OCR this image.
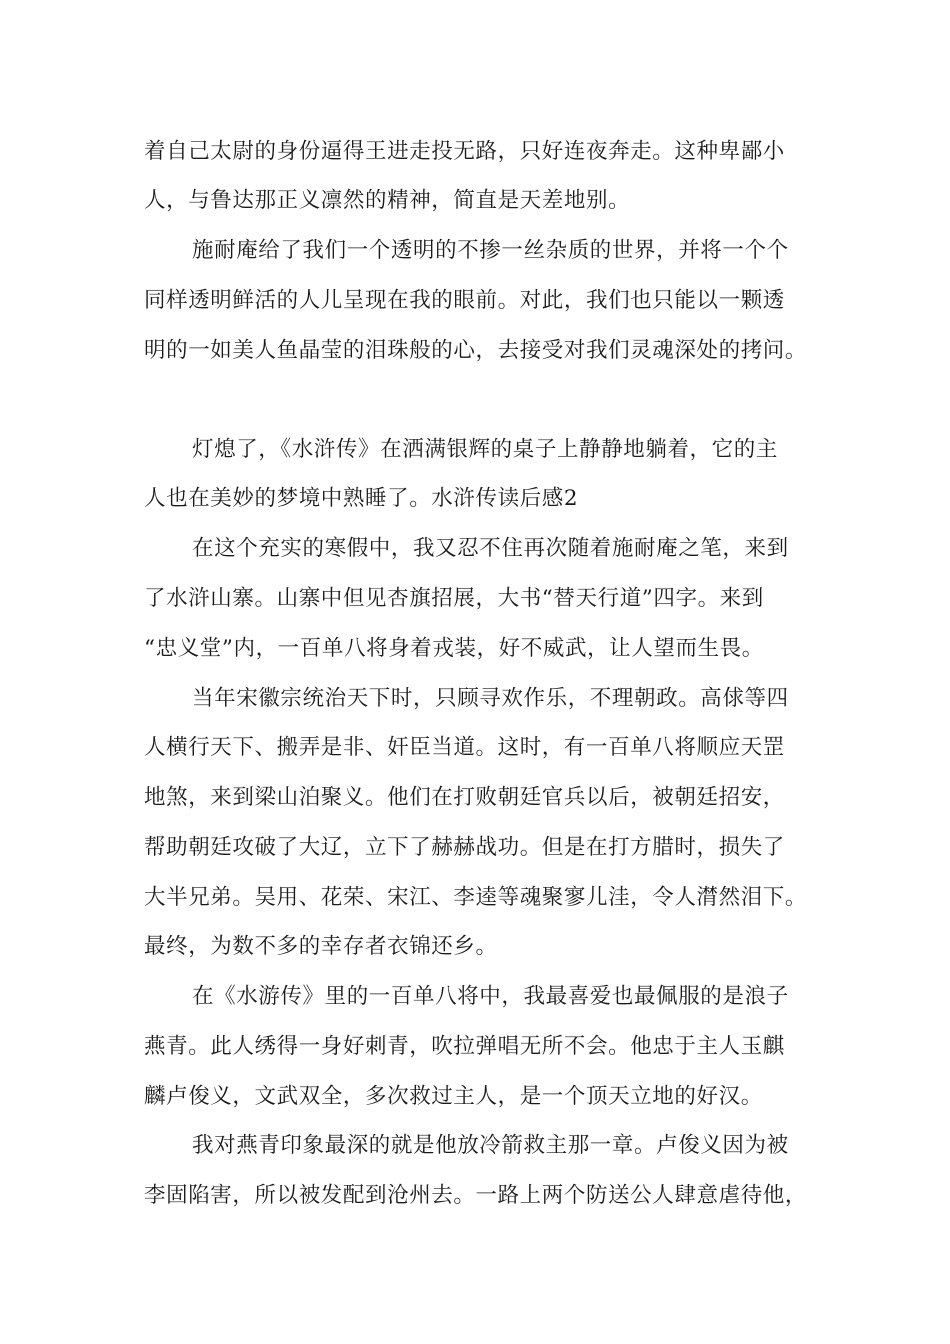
着自己太尉的身份逼得王进走投无路，只好连夜奔走。这种卑鄙小
人，与鲁达那正义凛然的精神，简直是天差地别。
施耐庵给了我们一个透明的不掺一丝杂质的世界，并将一个个
同样透明鲜活的人儿呈现在我的眼前。对此，我们也只能以一颗透
明的一如美人鱼晶莹的泪珠般的心，去接受对我们灵魂深处的拷问。
灯熄了，《水浒传》在洒满银辉的桌子上静静地躺着，它的主
人也在美妙的梦境中熟睡了。水浒传读后感2
在这个充实的寒假中，我又忍不住再次随着施耐庵之笔，来到
了水浒山寨。山寨中但见杏旗招展，大书“替天行道”四字。来到
“忠义堂”内，一百单八将身着戎装，好不威武，让人望而生畏。
当年宋徽宗统治天下时，只顾寻欢作乐，不理朝政。高俅等四
人横行天下、搬弄是非、奸臣当道。这时，有一百单八将顺应天罡
地煞，来到梁山泊聚义。他们在打败朝廷官兵以后，被朝廷招安，
帮助朝廷攻破了大辽，立下了赫赫战功。但是在打方腊时，损失了
大半兄弟。吴用、花荣、宋江、李逵等魂聚寥儿洼，令人潸然泪下。
最终，为数不多的幸存者衣锦还乡。
在《水游传》里的一百单八将中，我最喜爱也最佩服的是浪子
燕青。此人绣得一身好刺青，吹拉弹唱无所不会。他忠于主人玉麒
麟卢俊义，文武双全，多次救过主人，是一个顶天立地的好汉。
我对燕青印象最深的就是他放冷箭救主那一章。卢俊义因为被
李固陷害，所以被发配到沧州去。一路上两个防送公人肆意虐待他，
